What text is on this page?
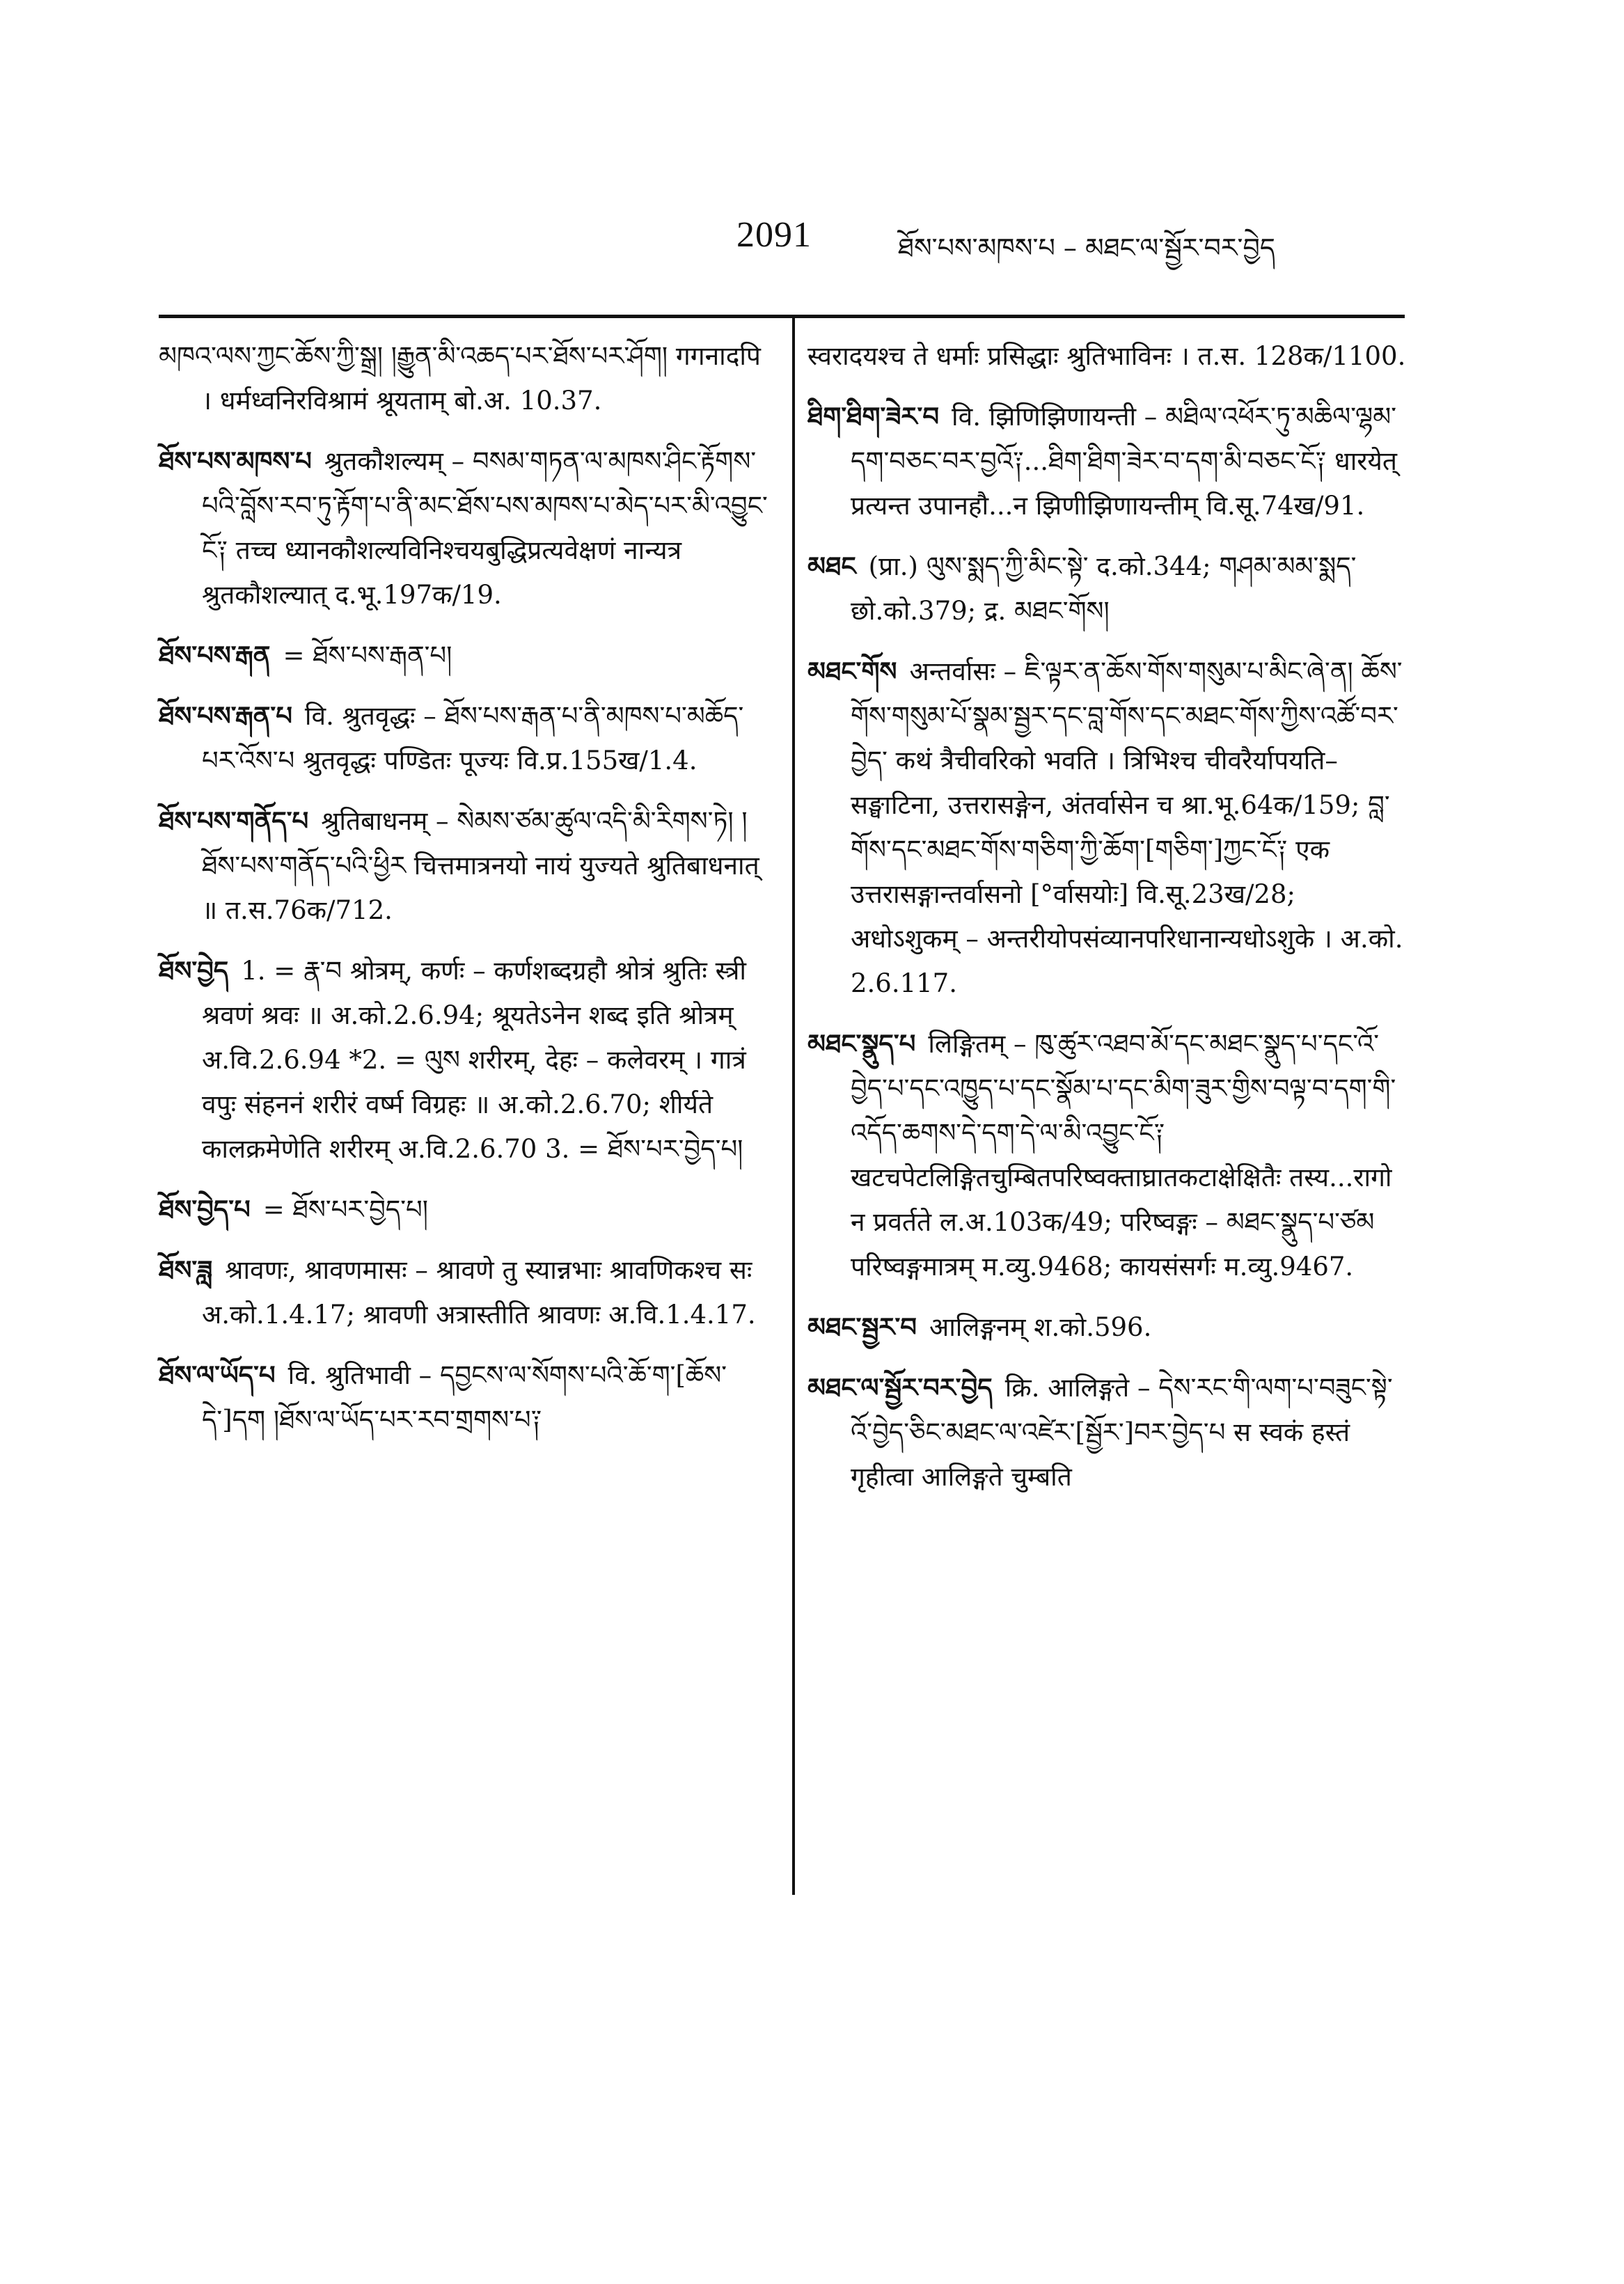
2091	ཐོས་པས་མཁས་པ – མཐང་ལ་སྦྱོར་བར་བྱེད
མཁའ་ལས་ཀྱང་ཆོས་ཀྱི་སྒྲ། །རྒྱུན་མི་འཆད་པར་ཐོས་པར་ཤོག། गगनादपि । धर्मध्वनिरविश्रामं श्रूयताम् बो.अ. 10.37.
ཐོས་པས་མཁས་པ श्रुतकौशल्यम् – བསམ་གཏན་ལ་མཁས་ཤིང་རྟོགས་པའི་བློས་རབ་ཏུ་རྟོག་པ་ནི་མང་ཐོས་པས་མཁས་པ་མེད་པར་མི་འབྱུང་ངོ༑ तच्च ध्यानकौशल्यविनिश्चयबुद्धिप्रत्यवेक्षणं नान्यत्र श्रुतकौशल्यात् द.भू.197क/19.
ཐོས་པས་རྒན = ཐོས་པས་རྒན་པ།
ཐོས་པས་རྒན་པ वि. श्रुतवृद्धः – ཐོས་པས་རྒན་པ་ནི་མཁས་པ་མཆོད་པར་འོས་པ श्रुतवृद्धः पण्डितः पूज्यः वि.प्र.155ख/1.4.
ཐོས་པས་གནོད་པ श्रुतिबाधनम् – སེམས་ཙམ་ཚུལ་འདི་མི་རིགས་ཏེ། །ཐོས་པས་གནོད་པའི་ཕྱིར चित्तमात्रनयो नायं युज्यते श्रुतिबाधनात् ॥ त.स.76क/712.
ཐོས་བྱེད 1. = རྣ་བ श्रोत्रम्, कर्णः – कर्णशब्दग्रहौ श्रोत्रं श्रुतिः स्त्री श्रवणं श्रवः ॥ अ.को.2.6.94; श्रूयतेऽनेन शब्द इति श्रोत्रम् अ.वि.2.6.94 *2. = ལུས शरीरम्, देहः – कलेवरम् । गात्रं वपुः संहननं शरीरं वर्ष्म विग्रहः ॥ अ.को.2.6.70; शीर्यते कालक्रमेणेति शरीरम् अ.वि.2.6.70 3. = ཐོས་པར་བྱེད་པ།
ཐོས་བྱེད་པ = ཐོས་པར་བྱེད་པ།
ཐོས་ཟླ श्रावणः, श्रावणमासः – श्रावणे तु स्यान्नभाः श्रावणिकश्च सः अ.को.1.4.17; श्रावणी अत्रास्तीति श्रावणः अ.वि.1.4.17.
ཐོས་ལ་ཡོད་པ वि. श्रुतिभावी – དབྱངས་ལ་སོགས་པའི་ཆོ་ག་[ཆོས་དེ་]དག །ཐོས་ལ་ཡོད་པར་རབ་གྲགས་པ༑
स्वरादयश्च ते धर्माः प्रसिद्धाः श्रुतिभाविनः । त.स. 128क/1100.
ཐིག་ཐིག་ཟེར་བ वि. झिणिझिणायन्ती – མཐིལ་འཕོར་ཏུ་མཆིལ་ལྷམ་དག་བཅང་བར་བྱའོ༑...ཐིག་ཐིག་ཟེར་བ་དག་མི་བཅང་ངོ༑ धारयेत् प्रत्यन्त उपानहौ...न झिणीझिणायन्तीम् वि.सू.74ख/91.
མཐང (प्रा.) ལུས་སྨད་ཀྱི་མིང་སྟེ་ द.को.344; གཤམ་མམ་སྨད་ छो.को.379; द्र. མཐང་གོས།
མཐང་གོས अन्तर्वासः – ཇི་ལྟར་ན་ཆོས་གོས་གསུམ་པ་མིང་ཞེ་ན། ཆོས་གོས་གསུམ་པོ་སྣམ་སྦྱར་དང་བླ་གོས་དང་མཐང་གོས་ཀྱིས་འཚོ་བར་བྱེད་ कथं त्रैचीवरिको भवति । त्रिभिश्च चीवरैर्यापयति–सङ्घाटिना, उत्तरासङ्गेन, अंतर्वासेन च श्रा.भू.64क/159; བླ་གོས་དང་མཐང་གོས་གཅིག་ཀྱི་ཆོག་[གཅིག་]ཀྱང་ངོ༑ एक उत्तरासङ्गान्तर्वासनो [°र्वासयोः] वि.सू.23ख/28; अधोऽशुकम् – अन्तरीयोपसंव्यानपरिधानान्यधोऽशुके । अ.को. 2.6.117.
མཐང་སྣུད་པ लिङ्गितम् – ཁུ་ཚུར་འཐབ་མོ་དང་མཐང་སྣུད་པ་དང་འོ་བྱེད་པ་དང་འཁྱུད་པ་དང་སྣོམ་པ་དང་མིག་ཟུར་གྱིས་བལྟ་བ་དག་གི་འདོད་ཆགས་དེ་དག་དེ་ལ་མི་འབྱུང་ངོ༑ खटचपेटलिङ्गितचुम्बितपरिष्वक्ताघ्रातकटाक्षेक्षितैः तस्य...रागो न प्रवर्तते ल.अ.103क/49; परिष्वङ्गः – མཐང་སྣུད་པ་ཙམ परिष्वङ्गमात्रम् म.व्यु.9468; कायसंसर्गः म.व्यु.9467.
མཐང་སྦྱར་བ आलिङ्गनम् श.को.596.
མཐང་ལ་སྦྱོར་བར་བྱེད क्रि. आलिङ्गते – དེས་རང་གི་ལག་པ་བཟུང་སྟེ་འོ་བྱེད་ཅིང་མཐང་ལ་འཛེར་[སྦྱོར་]བར་བྱེད་པ स स्वकं हस्तं गृहीत्वा आलिङ्गते चुम्बति
